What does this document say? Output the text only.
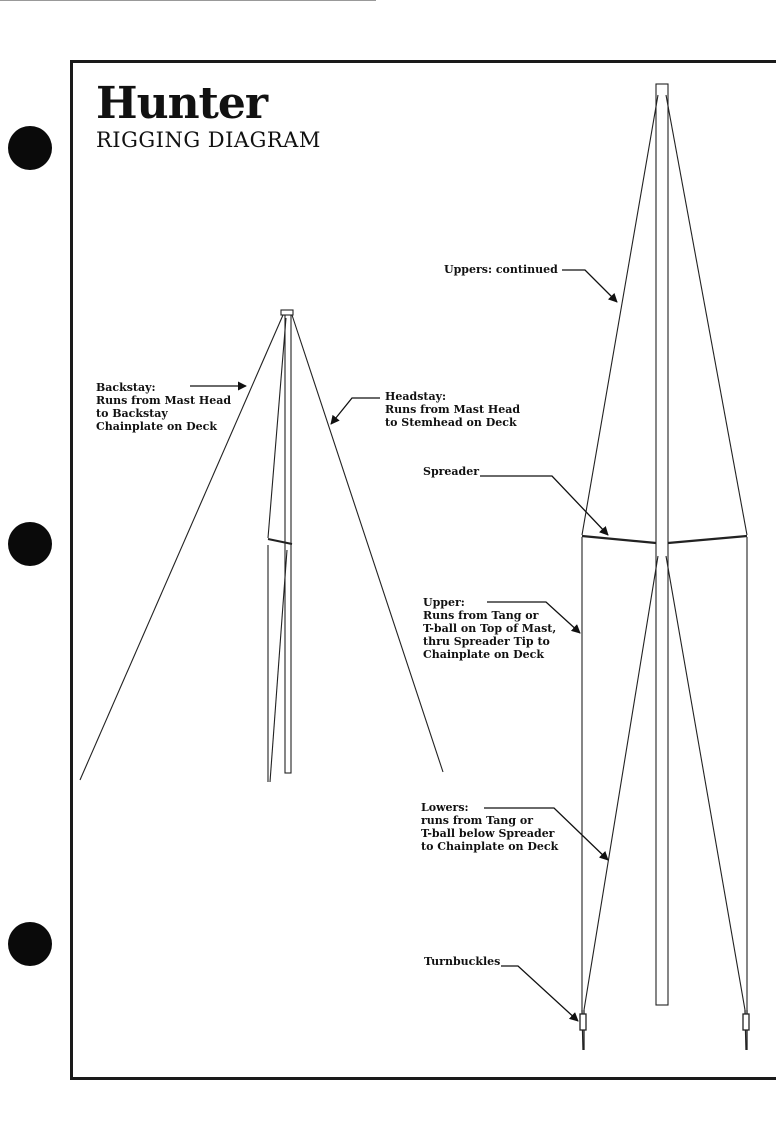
Hunter
RIGGING DIAGRAM
Backstay:
Runs from Mast Head
to Backstay
Chainplate on Deck
Headstay:
Runs from Mast Head
to Stemhead on Deck
Uppers: continued
Spreader
Upper:
Runs from Tang or
T-ball on Top of Mast,
thru Spreader Tip to
Chainplate on Deck
Lowers:
runs from Tang or
T-ball below Spreader
to Chainplate on Deck
Turnbuckles
